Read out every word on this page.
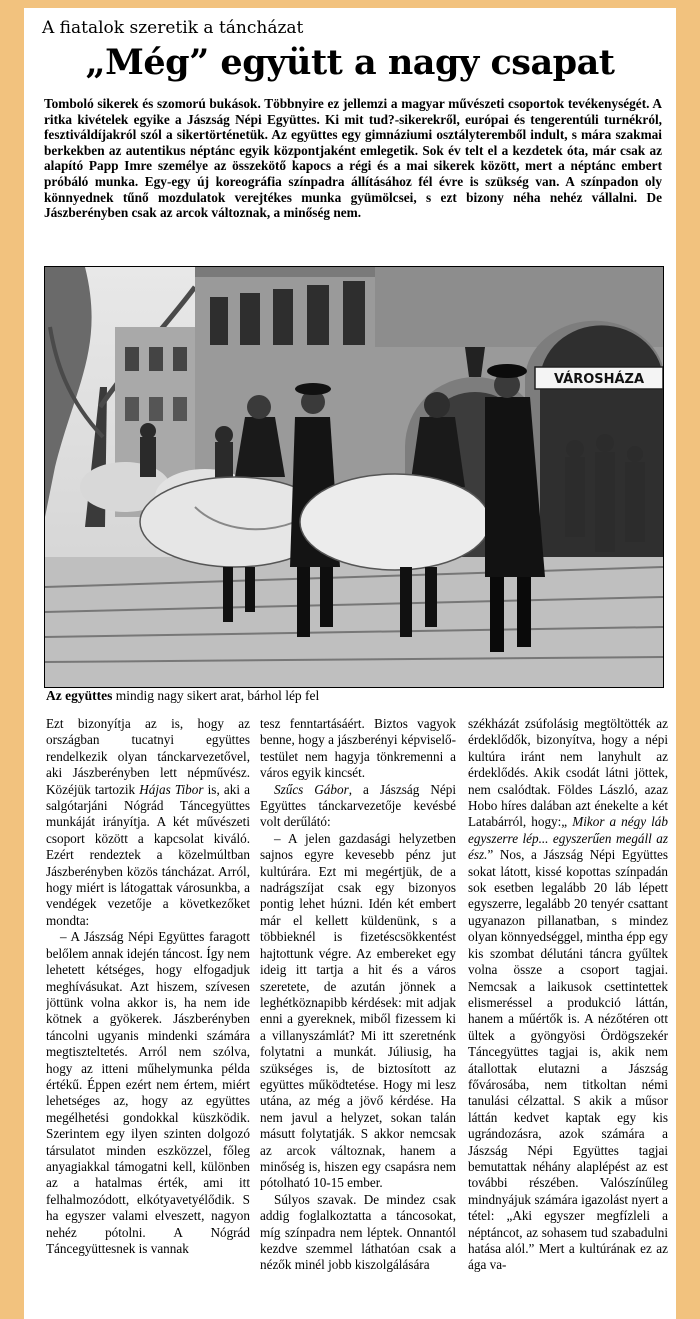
A fiatalok szeretik a táncházat
„Még” együtt a nagy csapat

Tomboló sikerek és szomorú bukások. Többnyire ez jellemzi a magyar művészeti csoportok tevékenységét. A ritka kivételek egyike a Jászság Népi Együttes. Ki mit tud?-sikerekről, európai és tengerentúli turnékról, fesztiváldíjakról szól a sikertörténetük. Az együttes egy gimnáziumi osztályteremből indult, s mára szakmai berkekben az autentikus néptánc egyik központjaként emlegetik. Sok év telt el a kezdetek óta, már csak az alapító Papp Imre személye az összekötő kapocs a régi és a mai sikerek között, mert a néptánc embert próbáló munka. Egy-egy új koreográfia színpadra állításához fél évre is szükség van. A színpadon oly könnyednek tűnő mozdulatok verejtékes munka gyümölcsei, s ezt bizony néha nehéz vállalni. De Jászberényben csak az arcok változnak, a minőség nem.

VÁROSHÁZA
Az együttes mindig nagy sikert arat, bárhol lép fel

Ezt bizonyítja az is, hogy az országban tucatnyi együttes rendelkezik olyan tánckarvezetővel, aki Jászberényben lett népművész. Közéjük tartozik Hájas Tibor is, aki a salgótarjáni Nógrád Táncegyüttes munkáját irányítja. A két művészeti csoport között a kapcsolat kiváló. Ezért rendeztek a közelmúltban Jászberényben közös táncházat. Arról, hogy miért is látogattak városunkba, a vendégek vezetője a következőket mondta:

– A Jászság Népi Együttes faragott belőlem annak idején táncost. Így nem lehetett kétséges, hogy elfogadjuk meghívásukat. Azt hiszem, szívesen jöttünk volna akkor is, ha nem ide kötnek a gyökerek. Jászberényben táncolni ugyanis mindenki számára megtiszteltetés. Arról nem szólva, hogy az itteni műhelymunka példa értékű. Éppen ezért nem értem, miért lehetséges az, hogy az együttes megélhetési gondokkal küszködik. Szerintem egy ilyen szinten dolgozó társulatot minden eszközzel, főleg anyagiakkal támogatni kell, különben az a hatalmas érték, ami itt felhalmozódott, elkótyavetyélődik. S ha egyszer valami elveszett, nagyon nehéz pótolni. A Nógrád Táncegyüttesnek is vannak

tesz fenntartásáért. Biztos vagyok benne, hogy a jászberényi képviselő-testület nem hagyja tönkremenni a város egyik kincsét.

Szűcs Gábor, a Jászság Népi Együttes tánckarvezetője kevésbé volt derűlátó:

– A jelen gazdasági helyzetben sajnos egyre kevesebb pénz jut kultúrára. Ezt mi megértjük, de a nadrágszíjat csak egy bizonyos pontig lehet húzni. Idén két embert már el kellett küldenünk, s a többieknél is fizetéscsökkentést hajtottunk végre. Az embereket egy ideig itt tartja a hit és a város szeretete, de azután jönnek a leghétköznapibb kérdések: mit adjak enni a gyereknek, miből fizessem ki a villanyszámlát? Mi itt szeretnénk folytatni a munkát. Júliusig, ha szükséges is, de biztosított az együttes működtetése. Hogy mi lesz utána, az még a jövő kérdése. Ha nem javul a helyzet, sokan talán másutt folytatják. S akkor nemcsak az arcok változnak, hanem a minőség is, hiszen egy csapásra nem pótolható 10-15 ember.

Súlyos szavak. De mindez csak addig foglalkoztatta a táncosokat, míg színpadra nem léptek. Onnantól kezdve szemmel láthatóan csak a nézők minél jobb kiszolgálására

székházát zsúfolásig megtöltötték az érdeklődők, bizonyítva, hogy a népi kultúra iránt nem lanyhult az érdeklődés. Akik csodát látni jöttek, nem csalódtak. Földes László, azaz Hobo híres dalában azt énekelte a két Latabárról, hogy:„ Mikor a négy láb egyszerre lép... egyszerűen megáll az ész.” Nos, a Jászság Népi Együttes sokat látott, kissé kopottas színpadán sok esetben legalább 20 láb lépett egyszerre, legalább 20 tenyér csattant ugyanazon pillanatban, s mindez olyan könnyedséggel, mintha épp egy kis szombat délutáni táncra gyűltek volna össze a csoport tagjai. Nemcsak a laikusok csettintettek elismeréssel a produkció láttán, hanem a műértők is. A nézőtéren ott ültek a gyöngyösi Ördögszekér Táncegyüttes tagjai is, akik nem átallottak elutazni a Jászság fővárosába, nem titkoltan némi tanulási célzattal. S akik a műsor láttán kedvet kaptak egy kis ugrándozásra, azok számára a Jászság Népi Együttes tagjai bemutattak néhány alaplépést az est további részében. Valószínűleg mindnyájuk számára igazolást nyert a tétel: „Aki egyszer megfízleli a néptáncot, az sohasem tud szabadulni hatása alól.” Mert a kultúrának ez az ága va-
